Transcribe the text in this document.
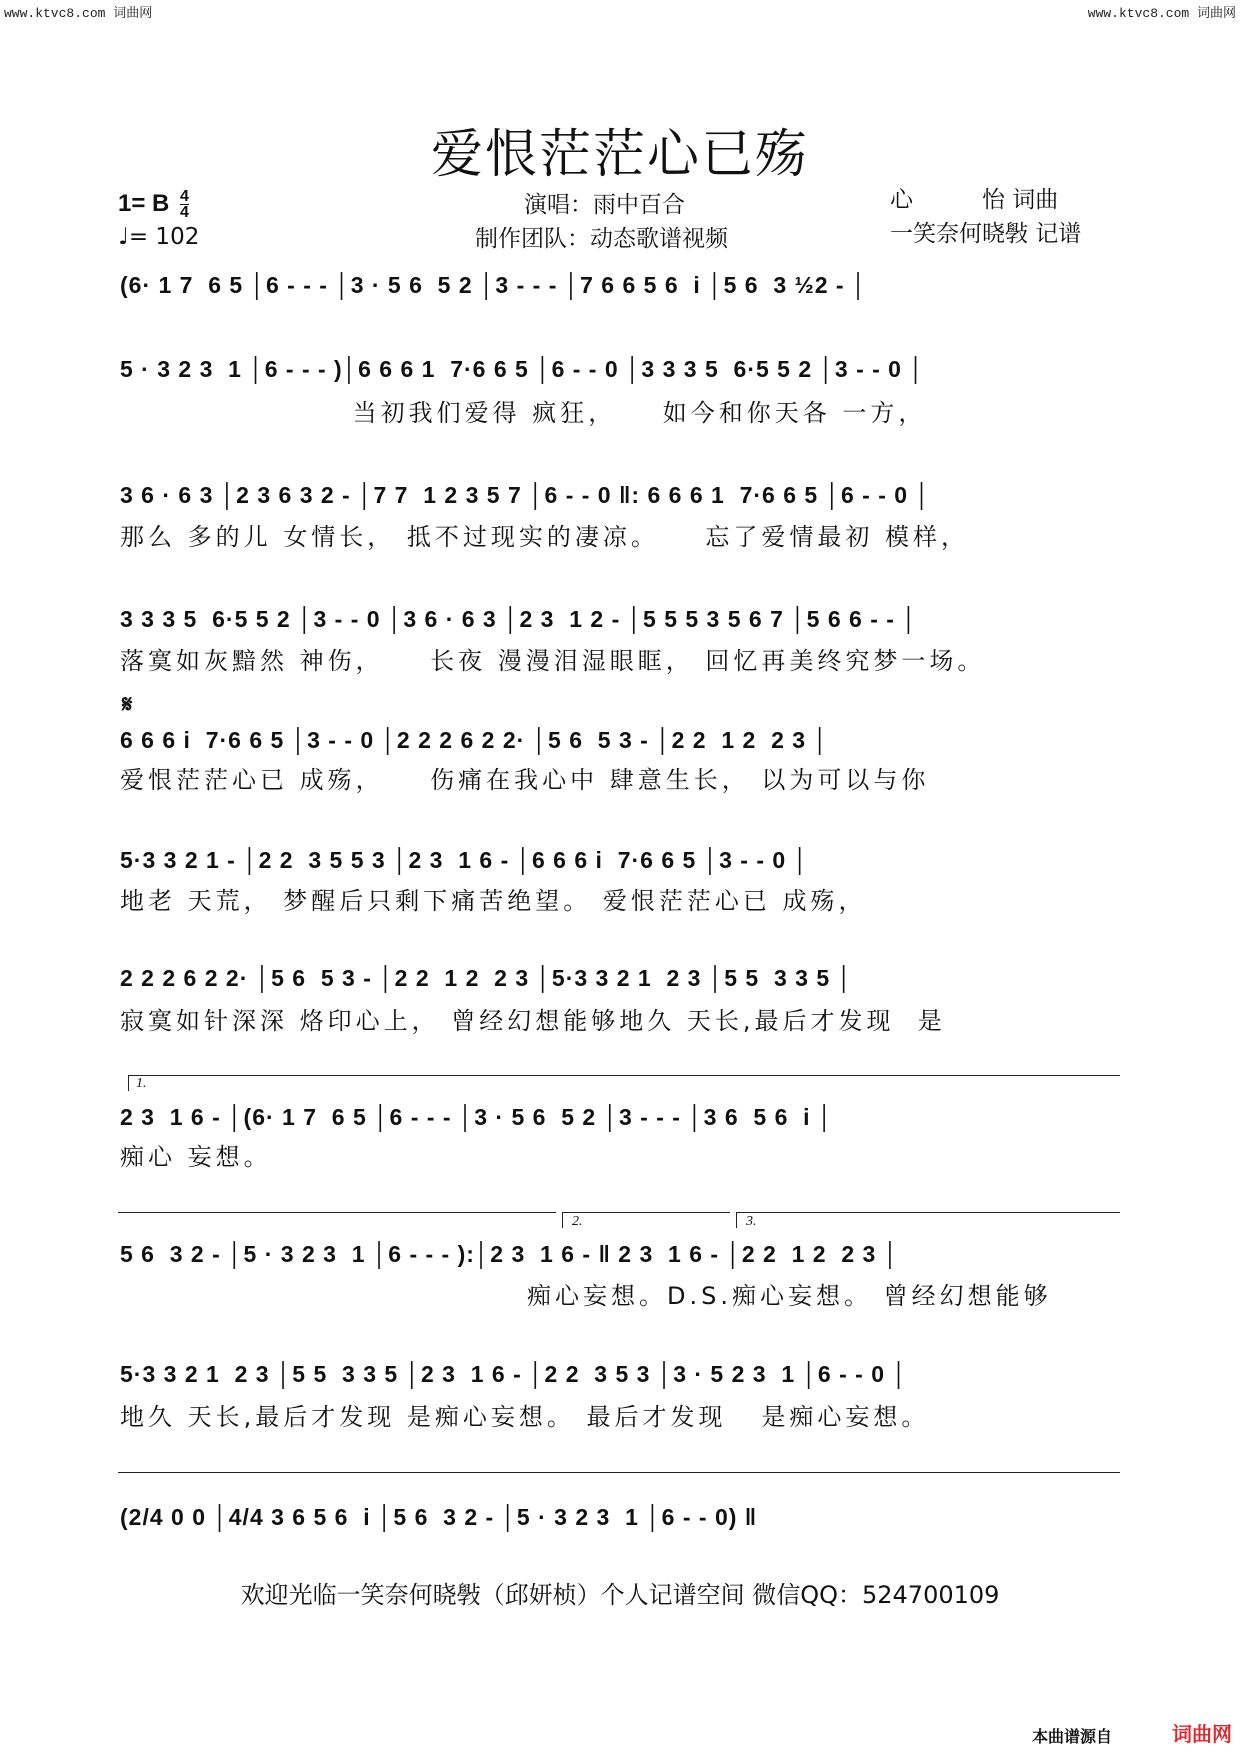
www.ktvc8.com 词曲网	www.ktvc8.com 词曲网
爱恨茫茫心已殇
1= B $\frac{4}{4}$
♩= 102
演唱：雨中百合
制作团队：动态歌谱视频
心　　　怡 词曲
一笑奈何晓斅 记谱
(6· 1 7  6 5 │6 - - - │3 · 5 6  5 2 │3 - - - │7 6 6 5 6  i │5 6  3 ½2 - │
5 · 3 2 3  1 │6 - - - )│6 6 6 1  7·6 6 5 │6 - - 0 │3 3 3 5  6·5 5 2 │3 - - 0 │
当初我们爱得 疯狂，    如今和你天各 一方，
3 6 · 6 3 │2 3 6 3 2 - │7 7  1 2 3 5 7 │6 - - 0 ‖: 6 6 6 1  7·6 6 5 │6 - - 0 │
那么 多的儿 女情长， 抵不过现实的凄凉。    忘了爱情最初 模样，
3 3 3 5  6·5 5 2 │3 - - 0 │3 6 · 6 3 │2 3  1 2 - │5 5 5 3 5 6 7 │5 6 6 - - │
落寞如灰黯然 神伤，    长夜 漫漫泪湿眼眶， 回忆再美终究梦一场。
𝄋
6 6 6 i  7·6 6 5 │3 - - 0 │2 2 2 6 2 2· │5 6  5 3 - │2 2  1 2  2 3 │
爱恨茫茫心已 成殇，    伤痛在我心中 肆意生长， 以为可以与你
5·3 3 2 1 - │2 2  3 5 5 3 │2 3  1 6 - │6 6 6 i  7·6 6 5 │3 - - 0 │
地老 天荒， 梦醒后只剩下痛苦绝望。 爱恨茫茫心已 成殇，
2 2 2 6 2 2· │5 6  5 3 - │2 2  1 2  2 3 │5·3 3 2 1  2 3 │5 5  3 3 5 │
寂寞如针深深 烙印心上， 曾经幻想能够地久 天长,最后才发现  是
1.
2 3  1 6 - │(6· 1 7  6 5 │6 - - - │3 · 5 6  5 2 │3 - - - │3 6  5 6  i │
痴心 妄想。
2.	3.
5 6  3 2 - │5 · 3 2 3  1 │6 - - - ):│2 3  1 6 - ‖ 2 3  1 6 - │2 2  1 2  2 3 │
痴心妄想。D.S.痴心妄想。 曾经幻想能够
5·3 3 2 1  2 3 │5 5  3 3 5 │2 3  1 6 - │2 2  3 5 3 │3 · 5 2 3  1 │6 - - 0 │
地久 天长,最后才发现 是痴心妄想。 最后才发现   是痴心妄想。
(2/4 0 0 │4/4 3 6 5 6  i │5 6  3 2 - │5 · 3 2 3  1 │6 - - 0) ‖
欢迎光临一笑奈何晓斅（邱妍桢）个人记谱空间 微信QQ：524700109
本曲谱源自	词曲网
